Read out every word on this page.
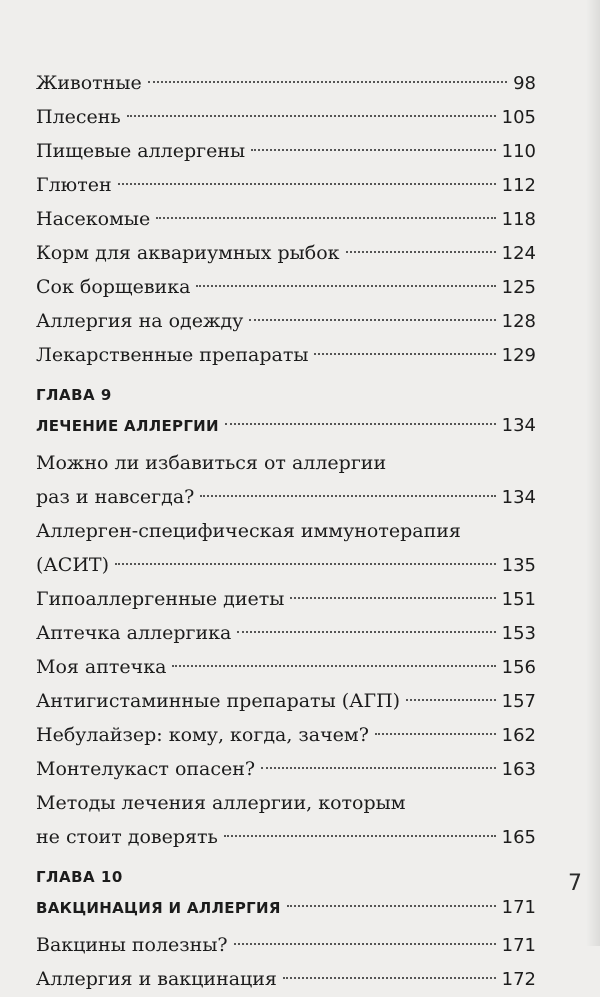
Животные	98
Плесень	105
Пищевые аллергены	110
Глютен	112
Насекомые	118
Корм для аквариумных рыбок	124
Сок борщевика	125
Аллергия на одежду	128
Лекарственные препараты	129
ГЛАВА 9
ЛЕЧЕНИЕ АЛЛЕРГИИ	134
Можно ли избавиться от аллергии
раз и навсегда?	134
Аллерген-специфическая иммунотерапия
(АСИТ)	135
Гипоаллергенные диеты	151
Аптечка аллергика	153
Моя аптечка	156
Антигистаминные препараты (АГП)	157
Небулайзер: кому, когда, зачем?	162
Монтелукаст опасен?	163
Методы лечения аллергии, которым
не стоит доверять	165
ГЛАВА 10
ВАКЦИНАЦИЯ И АЛЛЕРГИЯ	171
Вакцины полезны?	171
Аллергия и вакцинация	172
7
